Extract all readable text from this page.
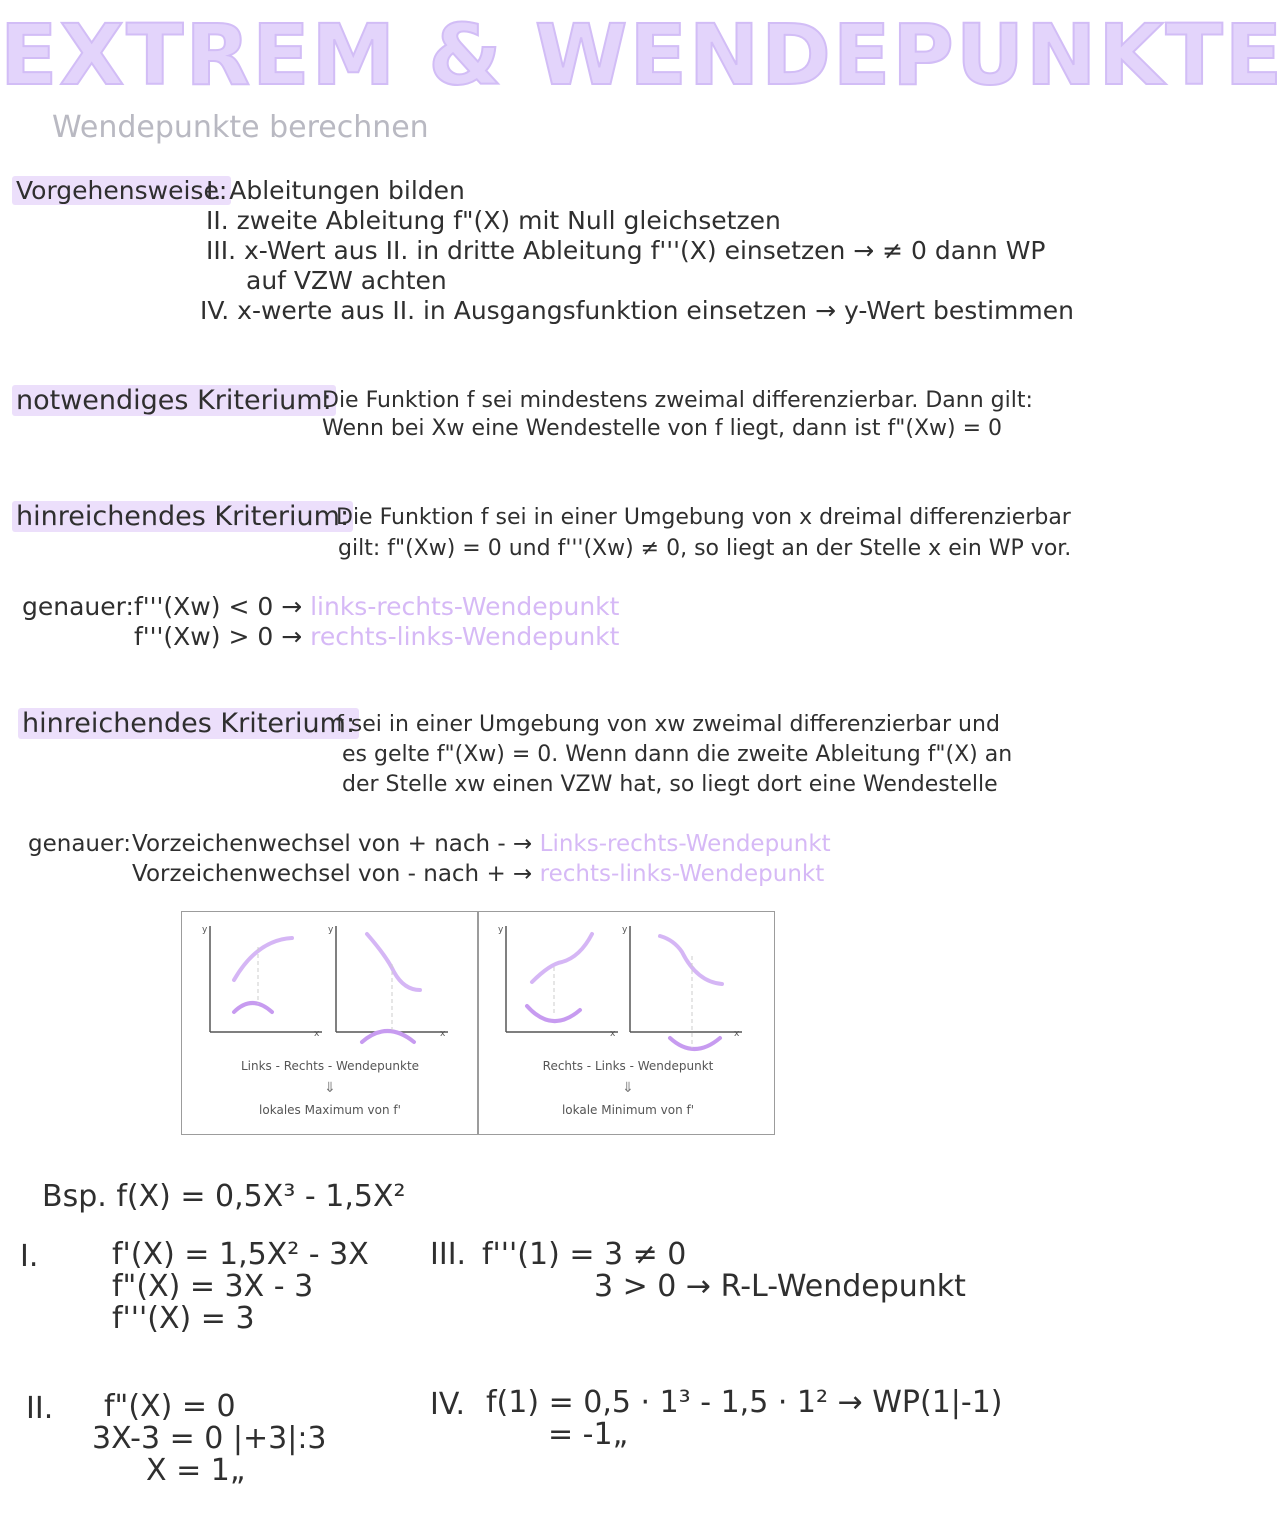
EXTREM & WENDEPUNKTE
Wendepunkte berechnen
Vorgehensweise:
I. Ableitungen bilden
II. zweite Ableitung f"(X) mit Null gleichsetzen
III. x-Wert aus II. in dritte Ableitung f'''(X) einsetzen → ≠ 0 dann WP
auf VZW achten
IV. x-werte aus II. in Ausgangsfunktion einsetzen → y-Wert bestimmen
notwendiges Kriterium:
Die Funktion f sei mindestens zweimal differenzierbar. Dann gilt:
Wenn bei Xw eine Wendestelle von f liegt, dann ist f"(Xw) = 0
hinreichendes Kriterium:
Die Funktion f sei in einer Umgebung von x dreimal differenzierbar
gilt: f"(Xw) = 0 und f'''(Xw) ≠ 0, so liegt an der Stelle x ein WP vor.
genauer: f'''(Xw) < 0 → links-rechts-Wendepunkt
f'''(Xw) > 0 → rechts-links-Wendepunkt
hinreichendes Kriterium:
f sei in einer Umgebung von xw zweimal differenzierbar und
es gelte f"(Xw) = 0. Wenn dann die zweite Ableitung f"(X) an
der Stelle xw einen VZW hat, so liegt dort eine Wendestelle
genauer: Vorzeichenwechsel von + nach - → Links-rechts-Wendepunkt
Vorzeichenwechsel von - nach + → rechts-links-Wendepunkt
y
x
y
x
Links - Rechts - Wendepunkte
⇓
lokales Maximum von f'
y
x
y
x
Rechts - Links - Wendepunkt
⇓
lokale Minimum von f'
Bsp. f(X) = 0,5X³ - 1,5X²
I. f'(X) = 1,5X² - 3X
f"(X) = 3X - 3
f'''(X) = 3
III. f'''(1) = 3 ≠ 0
3 > 0 → R-L-Wendepunkt
II. f"(X) = 0
3X-3 = 0 |+3|:3
X = 1„
IV. f(1) = 0,5 · 1³ - 1,5 · 1² → WP(1|-1)
= -1„
